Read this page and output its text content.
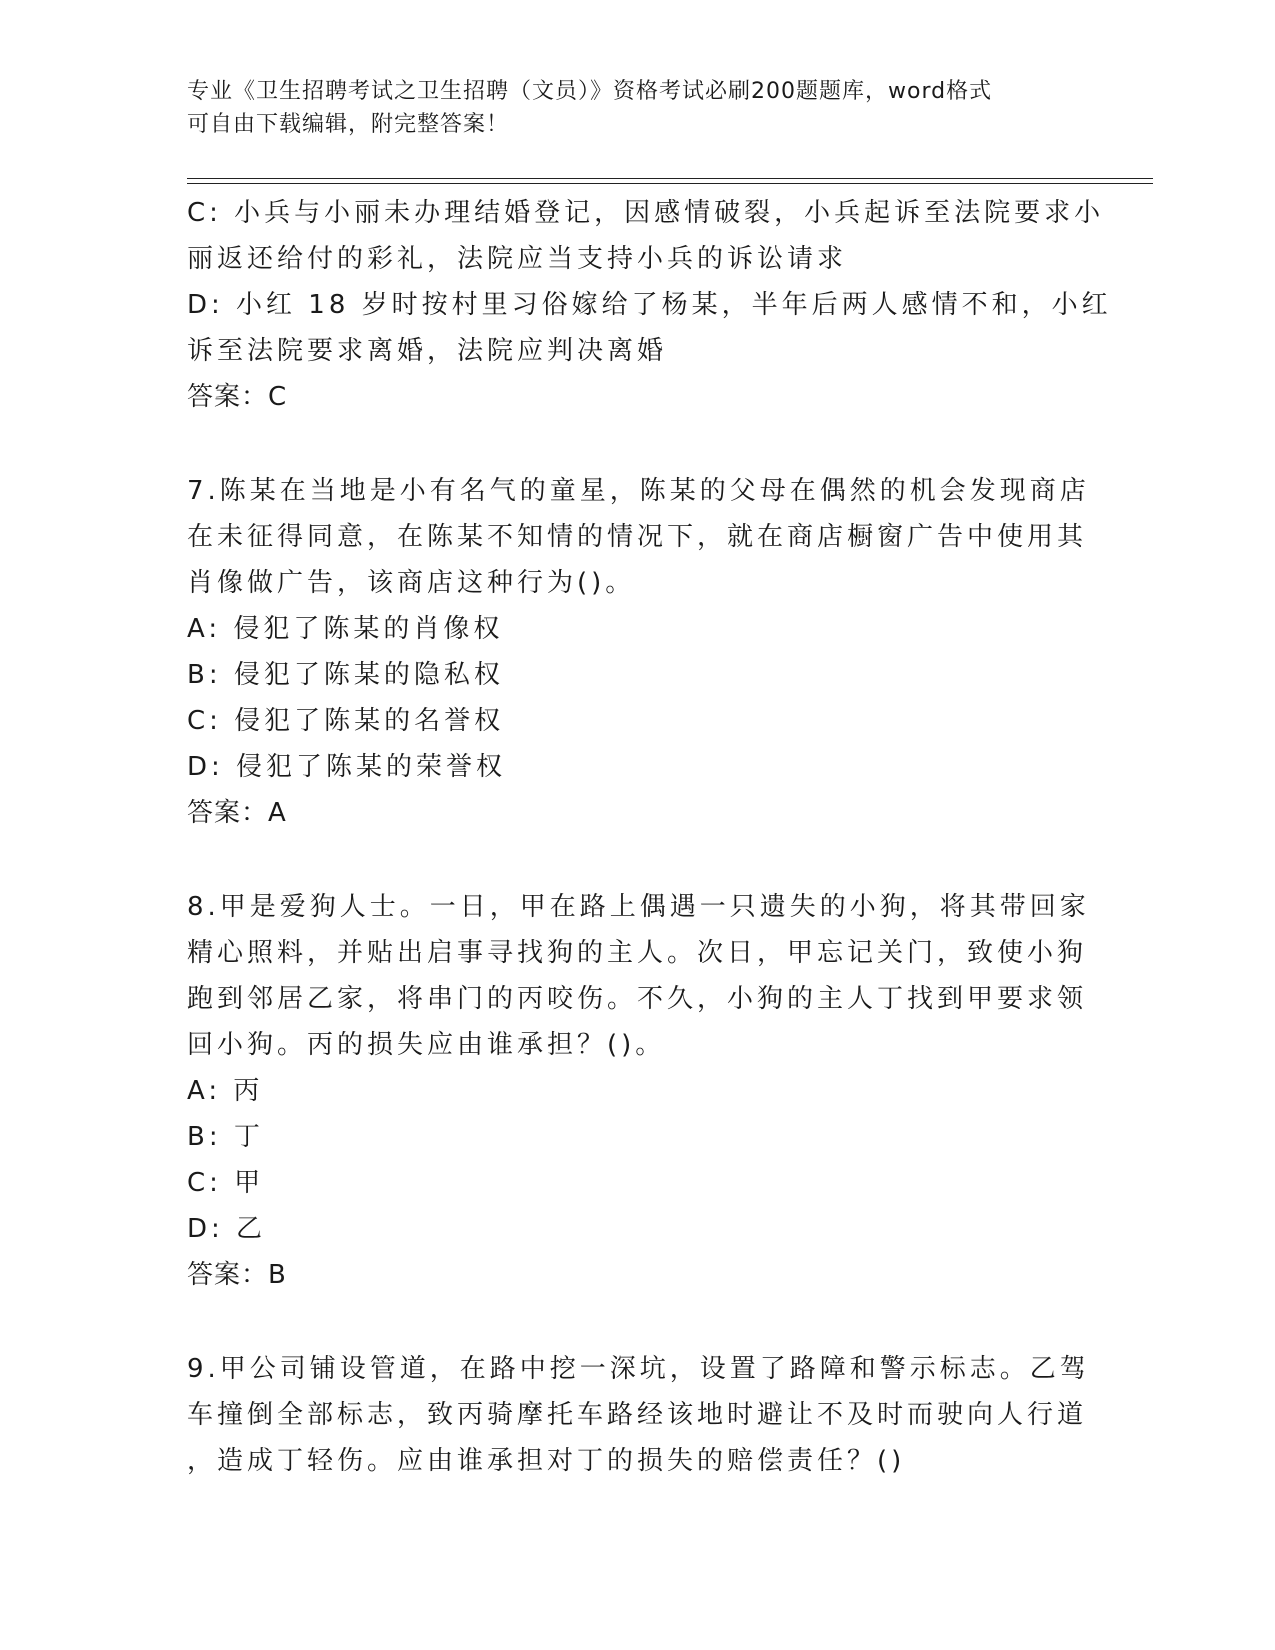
专业《卫生招聘考试之卫生招聘（文员）》资格考试必刷200题题库，word格式
可自由下载编辑，附完整答案！
C: 小兵与小丽未办理结婚登记，因感情破裂，小兵起诉至法院要求小
丽返还给付的彩礼，法院应当支持小兵的诉讼请求
D: 小红 18 岁时按村里习俗嫁给了杨某，半年后两人感情不和，小红
诉至法院要求离婚，法院应判决离婚
答案：C
7.陈某在当地是小有名气的童星，陈某的父母在偶然的机会发现商店
在未征得同意，在陈某不知情的情况下，就在商店橱窗广告中使用其
肖像做广告，该商店这种行为()。
A: 侵犯了陈某的肖像权
B: 侵犯了陈某的隐私权
C: 侵犯了陈某的名誉权
D: 侵犯了陈某的荣誉权
答案：A
8.甲是爱狗人士。一日，甲在路上偶遇一只遗失的小狗，将其带回家
精心照料，并贴出启事寻找狗的主人。次日，甲忘记关门，致使小狗
跑到邻居乙家，将串门的丙咬伤。不久，小狗的主人丁找到甲要求领
回小狗。丙的损失应由谁承担？()。
A: 丙
B: 丁
C: 甲
D: 乙
答案：B
9.甲公司铺设管道，在路中挖一深坑，设置了路障和警示标志。乙驾
车撞倒全部标志，致丙骑摩托车路经该地时避让不及时而驶向人行道
，造成丁轻伤。应由谁承担对丁的损失的赔偿责任？()
